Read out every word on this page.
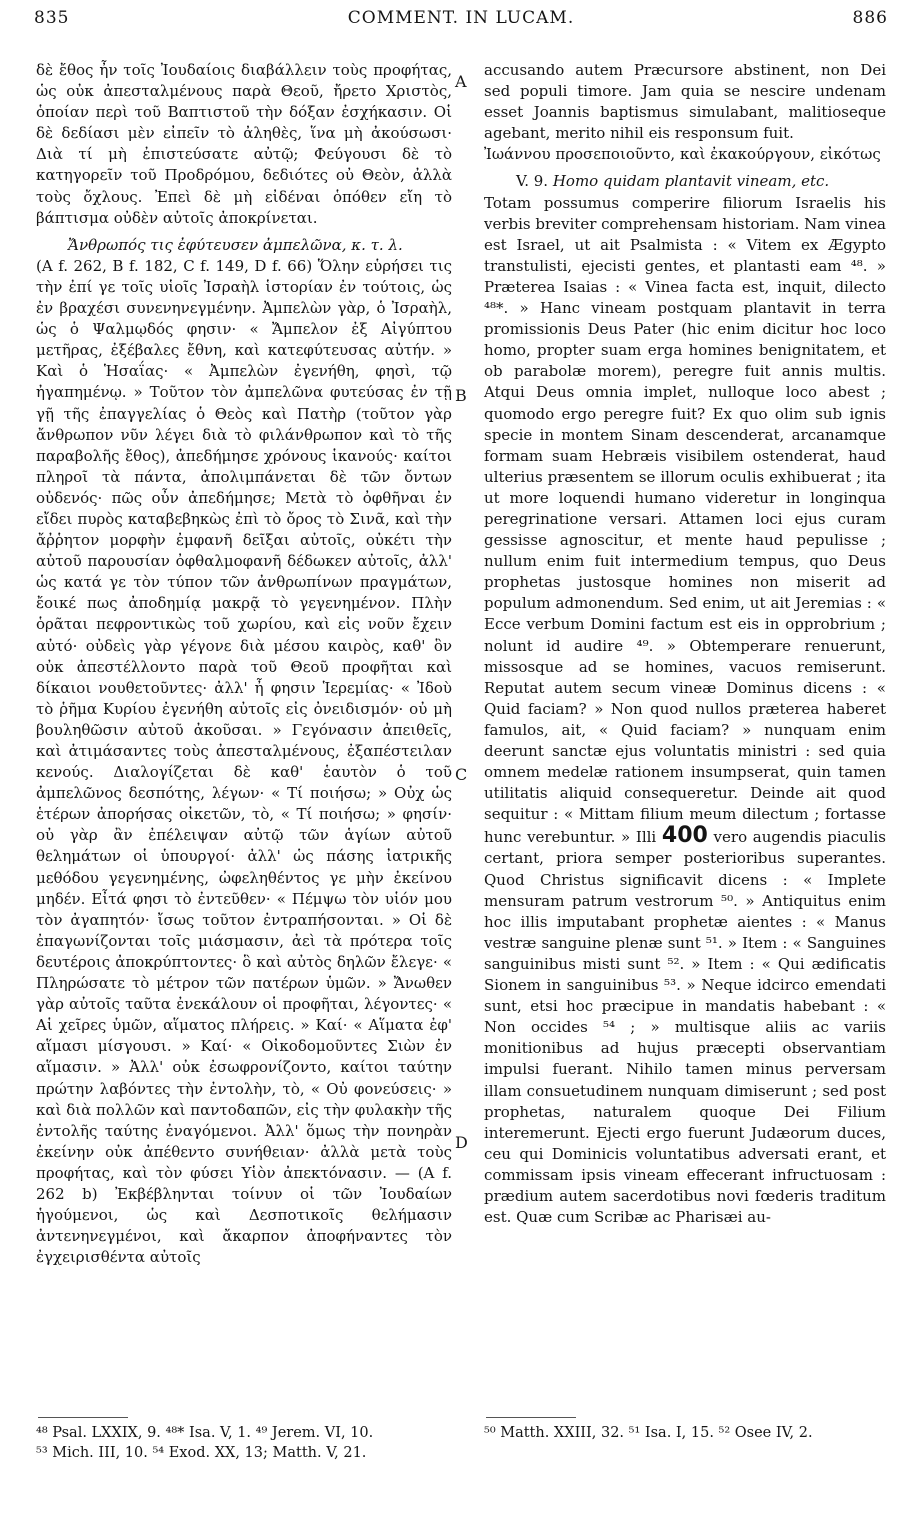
835	COMMENT. IN LUCAM.	886

δὲ ἔθος ἦν τοῖς Ἰουδαίοις διαβάλλειν τοὺς προφήτας, ὡς οὐκ ἀπεσταλμένους παρὰ Θεοῦ, ἤρετο Χριστὸς, ὁποίαν περὶ τοῦ Βαπτιστοῦ τὴν δόξαν ἐσχήκασιν. Οἱ δὲ δεδίασι μὲν εἰπεῖν τὸ ἀληθὲς, ἵνα μὴ ἀκούσωσι· Διὰ τί μὴ ἐπιστεύσατε αὐτῷ; Φεύγουσι δὲ τὸ κατηγορεῖν τοῦ Προδρόμου, δεδιότες οὐ Θεὸν, ἀλλὰ τοὺς ὄχλους. Ἐπεὶ δὲ μὴ εἰδέναι ὁπόθεν εἴη τὸ βάπτισμα οὐδὲν αὐτοῖς ἀποκρίνεται.

Ἄνθρωπός τις ἐφύτευσεν ἀμπελῶνα, κ. τ. λ.

(A f. 262, B f. 182, C f. 149, D f. 66) Ὅλην εὑρήσει τις τὴν ἐπί γε τοῖς υἱοῖς Ἰσραὴλ ἱστορίαν ἐν τούτοις, ὡς ἐν βραχέσι συνενηνεγμένην. Ἀμπελὼν γὰρ, ὁ Ἰσραὴλ, ὡς ὁ Ψαλμῳδός φησιν· « Ἄμπελον ἐξ Αἰγύπτου μετῆρας, ἐξέβαλες ἔθνη, καὶ κατεφύτευσας αὐτήν. » Καὶ ὁ Ἡσαΐας· « Ἀμπελὼν ἐγενήθη, φησὶ, τῷ ἠγαπημένῳ. » Τοῦτον τὸν ἀμπελῶνα φυτεύσας ἐν τῇ γῇ τῆς ἐπαγγελίας ὁ Θεὸς καὶ Πατὴρ (τοῦτον γὰρ ἄνθρωπον νῦν λέγει διὰ τὸ φιλάνθρωπον καὶ τὸ τῆς παραβολῆς ἔθος), ἀπεδήμησε χρόνους ἱκανούς· καίτοι πληροῖ τὰ πάντα, ἀπολιμπάνεται δὲ τῶν ὄντων οὐδενός· πῶς οὖν ἀπεδήμησε; Μετὰ τὸ ὀφθῆναι ἐν εἴδει πυρὸς καταβεβηκὼς ἐπὶ τὸ ὄρος τὸ Σινᾶ, καὶ τὴν ἄῤῥητον μορφὴν ἐμφανῆ δεῖξαι αὐτοῖς, οὐκέτι τὴν αὐτοῦ παρουσίαν ὀφθαλμοφανῆ δέδωκεν αὐτοῖς, ἀλλ' ὡς κατά γε τὸν τύπον τῶν ἀνθρωπίνων πραγμάτων, ἔοικέ πως ἀποδημίᾳ μακρᾷ τὸ γεγενημένον. Πλὴν ὁρᾶται πεφροντικὼς τοῦ χωρίου, καὶ εἰς νοῦν ἔχειν αὐτό· οὐδεὶς γὰρ γέγονε διὰ μέσου καιρὸς, καθ' ὃν οὐκ ἀπεστέλλοντο παρὰ τοῦ Θεοῦ προφῆται καὶ δίκαιοι νουθετοῦντες· ἀλλ' ἦ φησιν Ἱερεμίας· « Ἰδοὺ τὸ ῥῆμα Κυρίου ἐγενήθη αὐτοῖς εἰς ὀνειδισμόν· οὐ μὴ βουληθῶσιν αὐτοῦ ἀκοῦσαι. » Γεγόνασιν ἀπειθεῖς, καὶ ἀτιμάσαντες τοὺς ἀπεσταλμένους, ἐξαπέστειλαν κενούς. Διαλογίζεται δὲ καθ' ἑαυτὸν ὁ τοῦ ἀμπελῶνος δεσπότης, λέγων· « Τί ποιήσω; » Οὐχ ὡς ἑτέρων ἀπορήσας οἰκετῶν, τὸ, « Τί ποιήσω; » φησίν· οὐ γὰρ ἂν ἐπέλειψαν αὐτῷ τῶν ἁγίων αὐτοῦ θελημάτων οἱ ὑπουργοί· ἀλλ' ὡς πάσης ἰατρικῆς μεθόδου γεγενημένης, ὠφεληθέντος γε μὴν ἐκείνου μηδέν. Εἶτά φησι τὸ ἐντεῦθεν· « Πέμψω τὸν υἱόν μου τὸν ἀγαπητόν· ἴσως τοῦτον ἐντραπήσονται. » Οἱ δὲ ἐπαγωνίζονται τοῖς μιάσμασιν, ἀεὶ τὰ πρότερα τοῖς δευτέροις ἀποκρύπτοντες· ὃ καὶ αὐτὸς δηλῶν ἔλεγε· « Πληρώσατε τὸ μέτρον τῶν πατέρων ὑμῶν. » Ἄνωθεν γὰρ αὐτοῖς ταῦτα ἐνεκάλουν οἱ προφῆται, λέγοντες· « Αἱ χεῖρες ὑμῶν, αἵματος πλήρεις. » Καί· « Αἵματα ἐφ' αἵμασι μίσγουσι. » Καί· « Οἰκοδομοῦντες Σιὼν ἐν αἵμασιν. » Ἀλλ' οὐκ ἐσωφρονίζοντο, καίτοι ταύτην πρώτην λαβόντες τὴν ἐντολὴν, τὸ, « Οὐ φονεύσεις· » καὶ διὰ πολλῶν καὶ παντοδαπῶν, εἰς τὴν φυλακὴν τῆς ἐντολῆς ταύτης ἐναγόμενοι. Ἀλλ' ὅμως τὴν πονηρὰν ἐκείνην οὐκ ἀπέθεντο συνήθειαν· ἀλλὰ μετὰ τοὺς προφήτας, καὶ τὸν φύσει Υἱὸν ἀπεκτόνασιν. — (A f. 262 b) Ἐκβέβληνται τοίνυν οἱ τῶν Ἰουδαίων ἡγούμενοι, ὡς καὶ Δεσποτικοῖς θελήμασιν ἀντενηνεγμένοι, καὶ ἄκαρπον ἀποφήναντες τὸν ἐγχειρισθέντα αὐτοῖς

A
B
C
D

accusando autem Præcursore abstinent, non Dei sed populi timore. Jam quia se nescire undenam esset Joannis baptismus simulabant, malitioseque agebant, merito nihil eis responsum fuit.

Ἰωάννου προσεποιοῦντο, καὶ ἐκακούργουν, εἰκότως

V. 9. Homo quidam plantavit vineam, etc.

Totam possumus comperire filiorum Israelis his verbis breviter comprehensam historiam. Nam vinea est Israel, ut ait Psalmista : « Vitem ex Ægypto transtulisti, ejecisti gentes, et plantasti eam ⁴⁸. » Præterea Isaias : « Vinea facta est, inquit, dilecto ⁴⁸*. » Hanc vineam postquam plantavit in terra promissionis Deus Pater (hic enim dicitur hoc loco homo, propter suam erga homines benignitatem, et ob parabolæ morem), peregre fuit annis multis. Atqui Deus omnia implet, nulloque loco abest ; quomodo ergo peregre fuit? Ex quo olim sub ignis specie in montem Sinam descenderat, arcanamque formam suam Hebræis visibilem ostenderat, haud ulterius præsentem se illorum oculis exhibuerat ; ita ut more loquendi humano videretur in longinqua peregrinatione versari. Attamen loci ejus curam gessisse agnoscitur, et mente haud pepulisse ; nullum enim fuit intermedium tempus, quo Deus prophetas justosque homines non miserit ad populum admonendum. Sed enim, ut ait Jeremias : « Ecce verbum Domini factum est eis in opprobrium ; nolunt id audire ⁴⁹. » Obtemperare renuerunt, missosque ad se homines, vacuos remiserunt. Reputat autem secum vineæ Dominus dicens : « Quid faciam? » Non quod nullos præterea haberet famulos, ait, « Quid faciam? » nunquam enim deerunt sanctæ ejus voluntatis ministri : sed quia omnem medelæ rationem insumpserat, quin tamen utilitatis aliquid consequeretur. Deinde ait quod sequitur : « Mittam filium meum dilectum ; fortasse hunc verebuntur. » Illi 400 vero augendis piaculis certant, priora semper posterioribus superantes. Quod Christus significavit dicens : « Implete mensuram patrum vestrorum ⁵⁰. » Antiquitus enim hoc illis imputabant prophetæ aientes : « Manus vestræ sanguine plenæ sunt ⁵¹. » Item : « Sanguines sanguinibus misti sunt ⁵². » Item : « Qui ædificatis Sionem in sanguinibus ⁵³. » Neque idcirco emendati sunt, etsi hoc præcipue in mandatis habebant : « Non occides ⁵⁴ ; » multisque aliis ac variis monitionibus ad hujus præcepti observantiam impulsi fuerant. Nihilo tamen minus perversam illam consuetudinem nunquam dimiserunt ; sed post prophetas, naturalem quoque Dei Filium interemerunt. Ejecti ergo fuerunt Judæorum duces, ceu qui Dominicis voluntatibus adversati erant, et commissam ipsis vineam effecerant infructuosam : prædium autem sacerdotibus novi fœderis traditum est. Quæ cum Scribæ ac Pharisæi au-

⁴⁸ Psal. LXXIX, 9. ⁴⁸* Isa. V, 1. ⁴⁹ Jerem. VI, 10.
⁵³ Mich. III, 10. ⁵⁴ Exod. XX, 13; Matth. V, 21.
⁵⁰ Matth. XXIII, 32. ⁵¹ Isa. I, 15. ⁵² Osee IV, 2.
